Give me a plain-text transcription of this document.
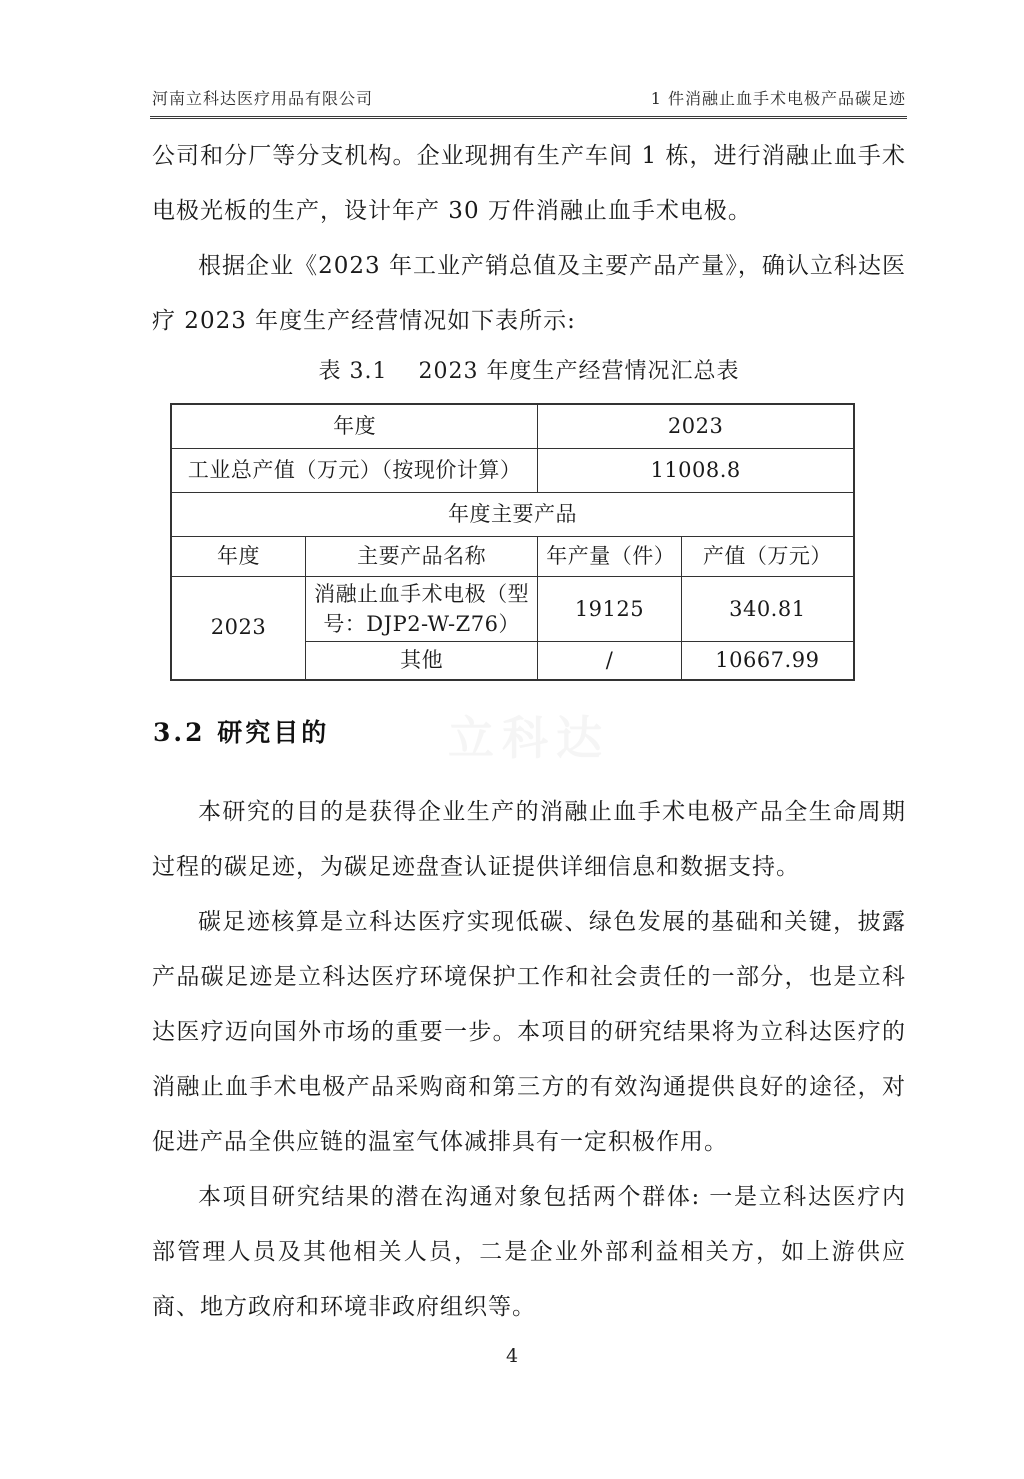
河南立科达医疗用品有限公司	1 件消融止血手术电极产品碳足迹

公司和分厂等分支机构。企业现拥有生产车间 1 栋，进行消融止血手术电极光板的生产，设计年产 30 万件消融止血手术电极。

根据企业《2023 年工业产销总值及主要产品产量》，确认立科达医疗 2023 年度生产经营情况如下表所示:

表 3.1　 2023 年度生产经营情况汇总表
年度		2023	
工业总产值（万元）（按现价计算）		11008.8	
年度主要产品			
年度	主要产品名称	年产量（件）	产值（万元）
2023	消融止血手术电极（型号：DJP2-W-Z76）	19125	340.81
	其他	/	10667.99
3.2 研究目的

本研究的目的是获得企业生产的消融止血手术电极产品全生命周期过程的碳足迹，为碳足迹盘查认证提供详细信息和数据支持。

碳足迹核算是立科达医疗实现低碳、绿色发展的基础和关键，披露产品碳足迹是立科达医疗环境保护工作和社会责任的一部分，也是立科达医疗迈向国外市场的重要一步。本项目的研究结果将为立科达医疗的消融止血手术电极产品采购商和第三方的有效沟通提供良好的途径，对促进产品全供应链的温室气体减排具有一定积极作用。

本项目研究结果的潜在沟通对象包括两个群体: 一是立科达医疗内部管理人员及其他相关人员，二是企业外部利益相关方，如上游供应商、地方政府和环境非政府组织等。

立科达
4
